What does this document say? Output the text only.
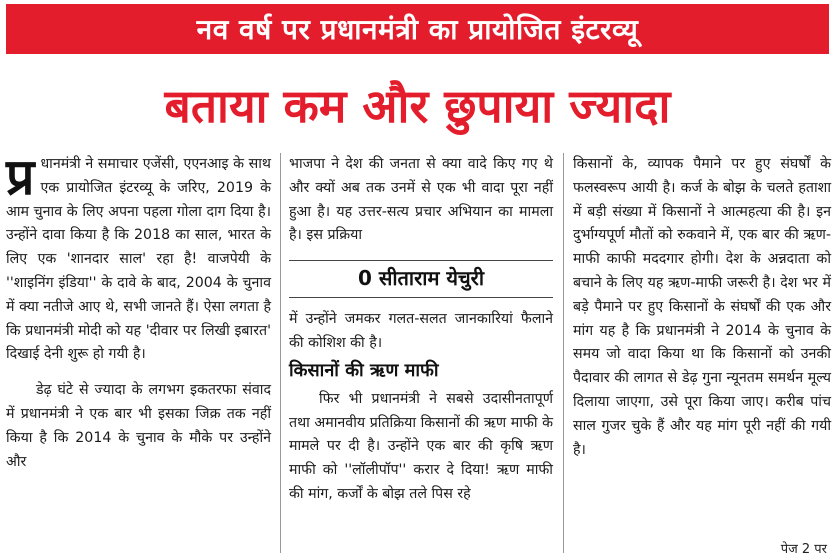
नव वर्ष पर प्रधानमंत्री का प्रायोजित इंटरव्यू
बताया कम और छुपाया ज्यादा

प्र धानमंत्री ने समाचार एजेंसी, एएनआइ के साथ एक प्रायोजित इंटरव्यू के जरिए, 2019 के आम चुनाव के लिए अपना पहला गोला दाग दिया है। उन्होंने दावा किया है कि 2018 का साल, भारत के लिए एक 'शानदार साल' रहा है! वाजपेयी के ''शाइनिंग इंडिया'' के दावे के बाद, 2004 के चुनाव में क्या नतीजे आए थे, सभी जानते हैं। ऐसा लगता है कि प्रधानमंत्री मोदी को यह 'दीवार पर लिखी इबारत' दिखाई देनी शुरू हो गयी है।

डेढ़ घंटे से ज्यादा के लगभग इकतरफा संवाद में प्रधानमंत्री ने एक बार भी इसका जिक्र तक नहीं किया है कि 2014 के चुनाव के मौके पर उन्होंने और

भाजपा ने देश की जनता से क्या वादे किए गए थे और क्यों अब तक उनमें से एक भी वादा पूरा नहीं हुआ है। यह उत्तर-सत्य प्रचार अभियान का मामला है। इस प्रक्रिया

0 सीताराम येचुरी

में उन्होंने जमकर गलत-सलत जानकारियां फैलाने की कोशिश की है।

किसानों की ऋण माफी

फिर भी प्रधानमंत्री ने सबसे उदासीनतापूर्ण तथा अमानवीय प्रतिक्रिया किसानों की ऋण माफी के मामले पर दी है। उन्होंने एक बार की कृषि ऋण माफी को ''लॉलीपॉप'' करार दे दिया! ऋण माफी की मांग, कर्जों के बोझ तले पिस रहे

किसानों के, व्यापक पैमाने पर हुए संघर्षों के फलस्वरूप आयी है। कर्ज के बोझ के चलते हताशा में बड़ी संख्या में किसानों ने आत्महत्या की है। इन दुर्भाग्यपूर्ण मौतों को रुकवाने में, एक बार की ऋण-माफी काफी मददगार होगी। देश के अन्नदाता को बचाने के लिए यह ऋण-माफी जरूरी है। देश भर में बड़े पैमाने पर हुए किसानों के संघर्षों की एक और मांग यह है कि प्रधानमंत्री ने 2014 के चुनाव के समय जो वादा किया था कि किसानों को उनकी पैदावार की लागत से डेढ़ गुना न्यूनतम समर्थन मूल्य दिलाया जाएगा, उसे पूरा किया जाए। करीब पांच साल गुजर चुके हैं और यह मांग पूरी नहीं की गयी है।

पेज 2 पर
